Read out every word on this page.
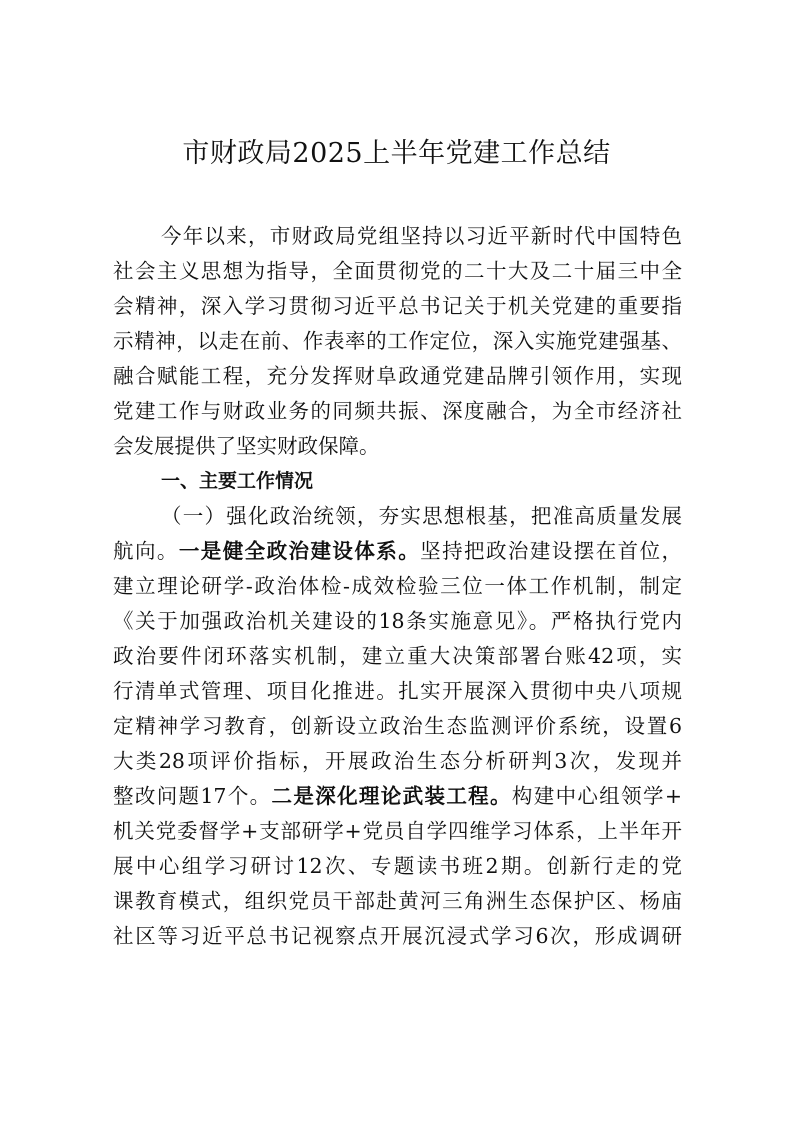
市财政局2025上半年党建工作总结
今年以来，市财政局党组坚持以习近平新时代中国特色
社会主义思想为指导，全面贯彻党的二十大及二十届三中全
会精神，深入学习贯彻习近平总书记关于机关党建的重要指
示精神，以走在前、作表率的工作定位，深入实施党建强基、
融合赋能工程，充分发挥财阜政通党建品牌引领作用，实现
党建工作与财政业务的同频共振、深度融合，为全市经济社
会发展提供了坚实财政保障。
一、主要工作情况
（一）强化政治统领，夯实思想根基，把准高质量发展
航向。一是健全政治建设体系。坚持把政治建设摆在首位，
建立理论研学-政治体检-成效检验三位一体工作机制，制定
《关于加强政治机关建设的18条实施意见》。严格执行党内
政治要件闭环落实机制，建立重大决策部署台账42项，实
行清单式管理、项目化推进。扎实开展深入贯彻中央八项规
定精神学习教育，创新设立政治生态监测评价系统，设置6
大类28项评价指标，开展政治生态分析研判3次，发现并
整改问题17个。二是深化理论武装工程。构建中心组领学+
机关党委督学+支部研学+党员自学四维学习体系，上半年开
展中心组学习研讨12次、专题读书班2期。创新行走的党
课教育模式，组织党员干部赴黄河三角洲生态保护区、杨庙
社区等习近平总书记视察点开展沉浸式学习6次，形成调研
